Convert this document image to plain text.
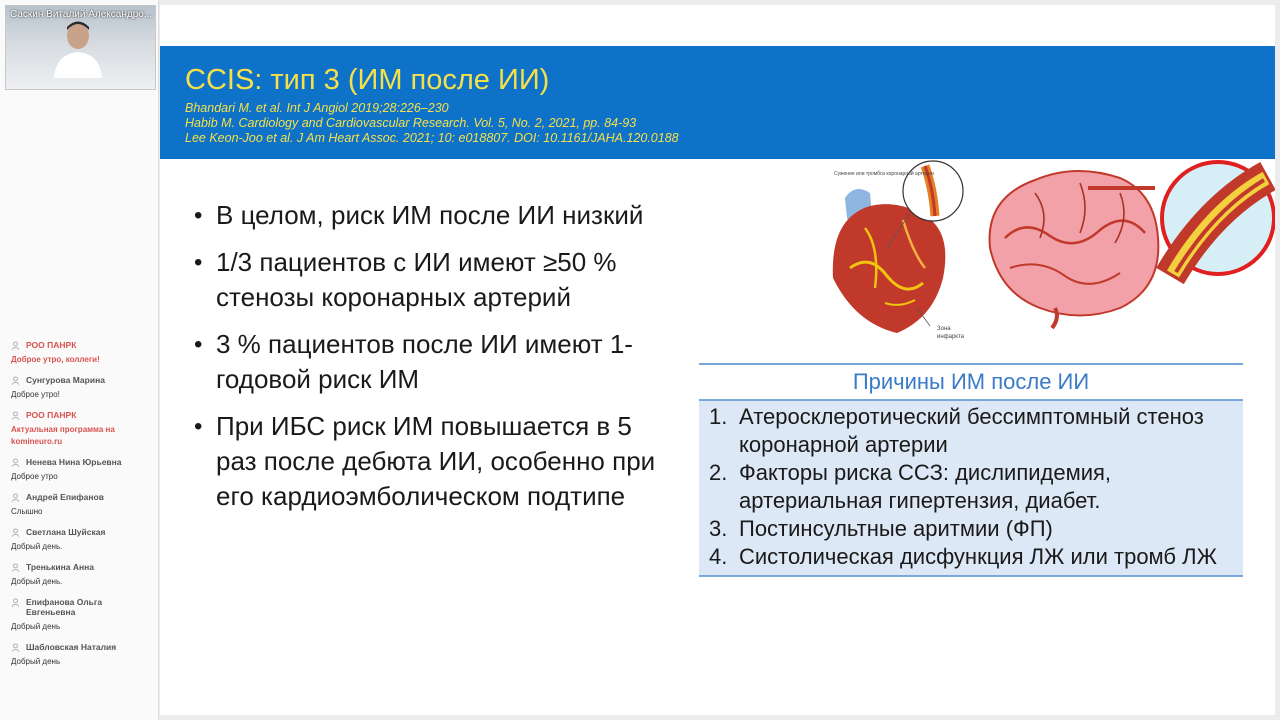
Саскин Виталий Александро...
РОО ПАНРК
Доброе утро, коллеги!
Сунгурова Марина
Доброе утро!
РОО ПАНРК
Актуальная программа на komineuro.ru
Ненева Нина Юрьевна
Доброе утро
Андрей Епифанов
Слышно
Светлана Шуйская
Добрый день.
Тренькина Анна
Добрый день.
Епифанова Ольга Евгеньевна
Добрый день
Шабловская Наталия
Добрый день
CCIS: тип 3 (ИМ после ИИ)
Bhandari M. et al. Int J Angiol 2019;28:226–230
Habib M. Cardiology and Cardiovascular Research. Vol. 5, No. 2, 2021, pp. 84-93
Lee Keon-Joo et al. J Am Heart Assoc. 2021; 10: e018807. DOI: 10.1161/JAHA.120.0188
• В целом, риск ИМ после ИИ низкий
• 1/3 пациентов с ИИ имеют ≥50 % стенозы коронарных артерий
• 3 % пациентов после ИИ имеют 1-годовой риск ИМ
• При ИБС риск ИМ повышается в 5 раз после дебюта ИИ, особенно при его кардиоэмболическом подтипе
Сужение или тромбоз коронарной артерии
Зона
инфаркта
Причины ИМ после ИИ
1. Атеросклеротический бессимптомный стеноз коронарной артерии
2. Факторы риска ССЗ: дислипидемия, артериальная гипертензия, диабет.
3. Постинсультные аритмии (ФП)
4. Систолическая дисфункция ЛЖ или тромб ЛЖ
